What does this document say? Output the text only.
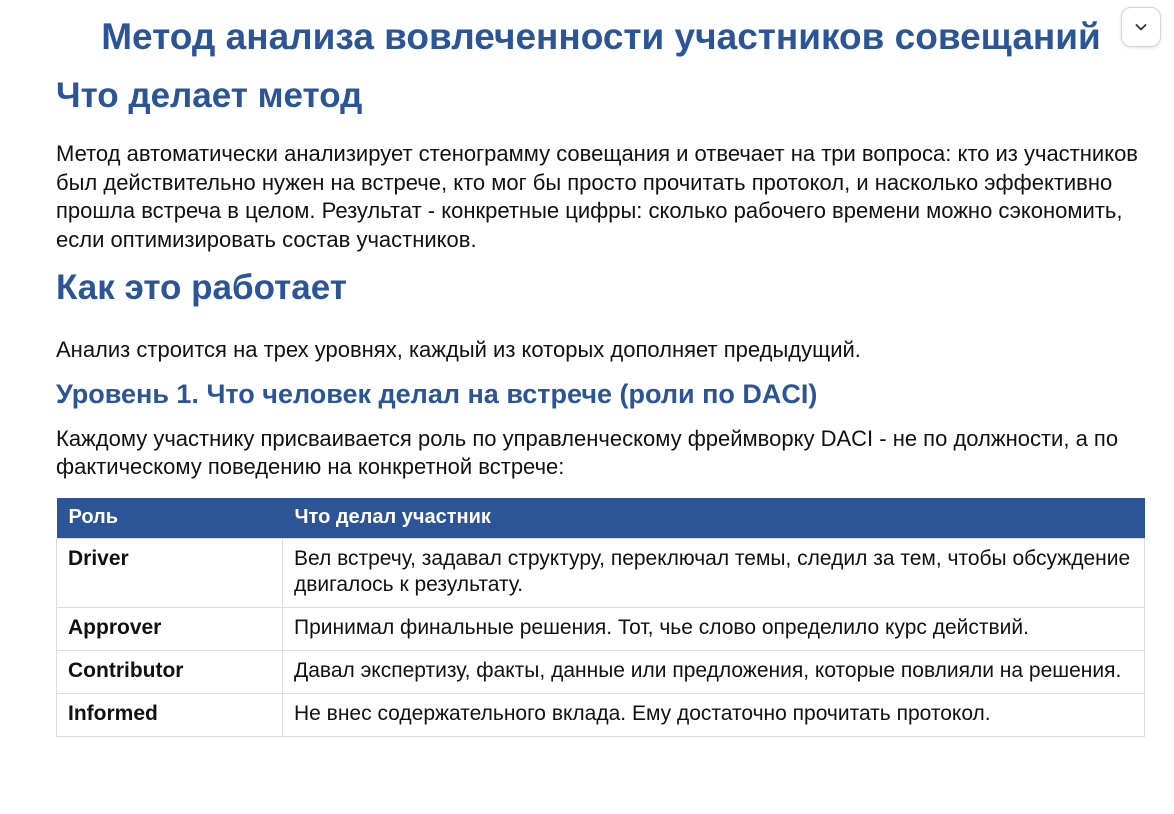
Метод анализа вовлеченности участников совещаний
Что делает метод

Метод автоматически анализирует стенограмму совещания и отвечает на три вопроса: кто из участников был действительно нужен на встрече, кто мог бы просто прочитать протокол, и насколько эффективно прошла встреча в целом. Результат - конкретные цифры: сколько рабочего времени можно сэкономить, если оптимизировать состав участников.

Как это работает

Анализ строится на трех уровнях, каждый из которых дополняет предыдущий.

Уровень 1. Что человек делал на встрече (роли по DACI)

Каждому участнику присваивается роль по управленческому фреймворку DACI - не по должности, а по фактическому поведению на конкретной встрече:

Роль	Что делал участник
Driver	Вел встречу, задавал структуру, переключал темы, следил за тем, чтобы обсуждение двигалось к результату.
Approver	Принимал финальные решения. Тот, чье слово определило курс действий.
Contributor	Давал экспертизу, факты, данные или предложения, которые повлияли на решения.
Informed	Не внес содержательного вклада. Ему достаточно прочитать протокол.
